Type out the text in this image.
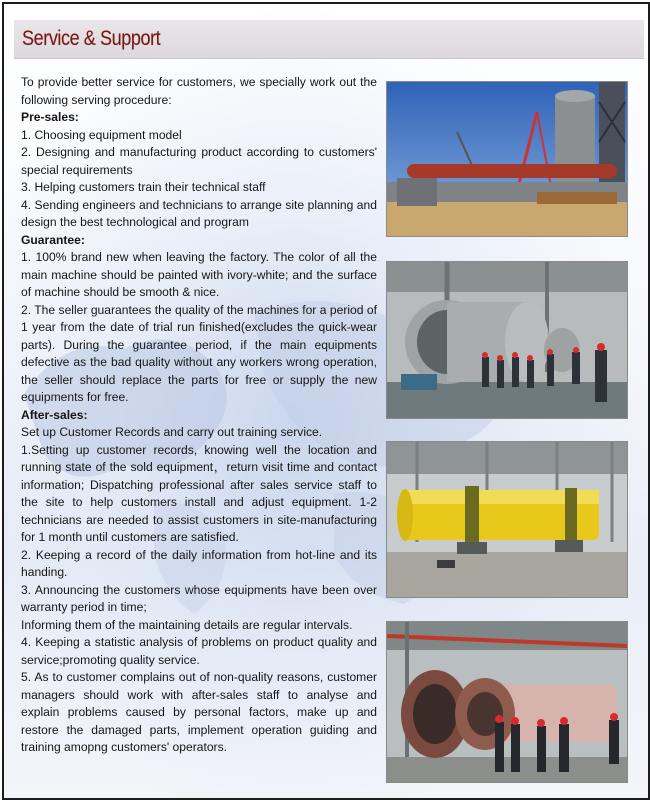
Service & Support

To provide better service for customers, we specially work out the following serving procedure:

Pre-sales:

1. Choosing equipment model

2. Designing and manufacturing product according to customers' special requirements

3. Helping customers train their technical staff

4. Sending engineers and technicians to arrange site planning and design the best technological and program

Guarantee:

1. 100% brand new when leaving the factory. The color of all the main machine should be painted with ivory-white; and the surface of machine should be smooth & nice.

2. The seller guarantees the quality of the machines for a period of 1 year from the date of trial run finished(excludes the quick-wear parts). During the guarantee period, if the main equipments defective as the bad quality without any workers wrong operation, the seller should replace the parts for free or supply the new equipments for free.

After-sales:

Set up Customer Records and carry out training service.

1.Setting up customer records, knowing well the location and running state of the sold equipment，return visit time and contact information; Dispatching professional after sales service staff to the site to help customers install and adjust equipment. 1-2 technicians are needed to assist customers in site-manufacturing for 1 month until customers are satisfied.

2. Keeping a record of the daily information from hot-line and its handing.

3. Announcing the customers whose equipments have been over warranty period in time;

Informing them of the maintaining details are regular intervals.

4. Keeping a statistic analysis of problems on product quality and service;promoting quality service.

5. As to customer complains out of non-quality reasons, customer managers should work with after-sales staff to analyse and explain problems caused by personal factors, make up and restore the damaged parts, implement operation guiding and training amopng customers' operators.
